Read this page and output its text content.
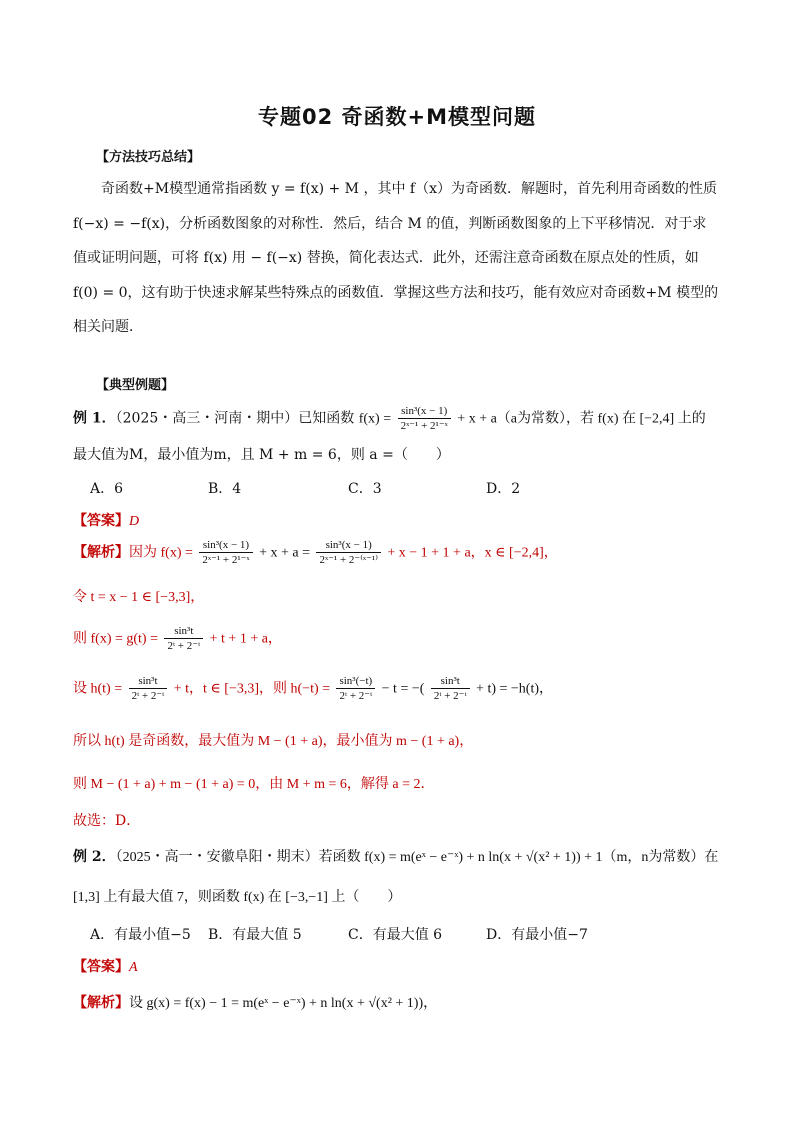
专题02 奇函数+M模型问题
【方法技巧总结】

奇函数+M模型通常指函数 y = f(x) + M ，其中 f（x）为奇函数．解题时，首先利用奇函数的性质

f(−x) = −f(x)，分析函数图象的对称性．然后，结合 M 的值，判断函数图象的上下平移情况．对于求

值或证明问题，可将 f(x) 用 − f(−x) 替换，简化表达式．此外，还需注意奇函数在原点处的性质，如

f(0) = 0，这有助于快速求解某些特殊点的函数值．掌握这些方法和技巧，能有效应对奇函数+M 模型的

相关问题．

【典型例题】
例 1．（2025・高三・河南・期中）已知函数 $f(x) = \frac{\text{sin³(x − 1)}}{\text{2ˣ⁻¹ + 2¹⁻ˣ}} + x + a(a$为常数），若 f(x) 在 [−2,4] 上的
最大值为M，最小值为m，且 M + m = 6，则 a =（　　）
A．6	B．4	C．3	D．2
【答案】D
【解析】因为 $f(x) = \frac{\text{sin³(x − 1)}}{\text{2ˣ⁻¹ + 2¹⁻ˣ}} + x + a = \frac{\text{sin³(x − 1)}}{\text{2ˣ⁻¹ + 2⁻⁽ˣ⁻¹⁾}} + x - 1 + 1 + a$，x ∈ [−2,4]，
令 t = x − 1 ∈ [−3,3]，
则 $f(x) = g(t) = \frac{\text{sin³t}}{\text{2ᵗ + 2⁻ᵗ}} + t + 1 + a$，
设 $h(t) = \frac{\text{sin³t}}{\text{2ᵗ + 2⁻ᵗ}} + t$，t ∈ [−3,3]，则 $h(-t) = \frac{\text{sin³(−t)}}{\text{2ᵗ + 2⁻ᵗ}} - t$ = −( $\frac{\text{sin³t}}{\text{2ᵗ + 2⁻ᵗ}} + t) = -h(t)$，
所以 h(t) 是奇函数，最大值为 M − (1 + a)，最小值为 m − (1 + a)，
则 M − (1 + a) + m − (1 + a) = 0，由 M + m = 6，解得 a = 2．
故选：D．
例 2．（2025・高一・安徽阜阳・期末）若函数 f(x) = m(eˣ − e⁻ˣ) + n ln(x + √(x² + 1)) + 1（m，n为常数）在
[1,3] 上有最大值 7，则函数 f(x) 在 [−3,−1] 上（　　）
A．有最小值−5 B．有最大值 5	C．有最大值 6	D．有最小值−7
【答案】A
【解析】设 g(x) = f(x) − 1 = m(eˣ − e⁻ˣ) + n ln(x + √(x² + 1))，
